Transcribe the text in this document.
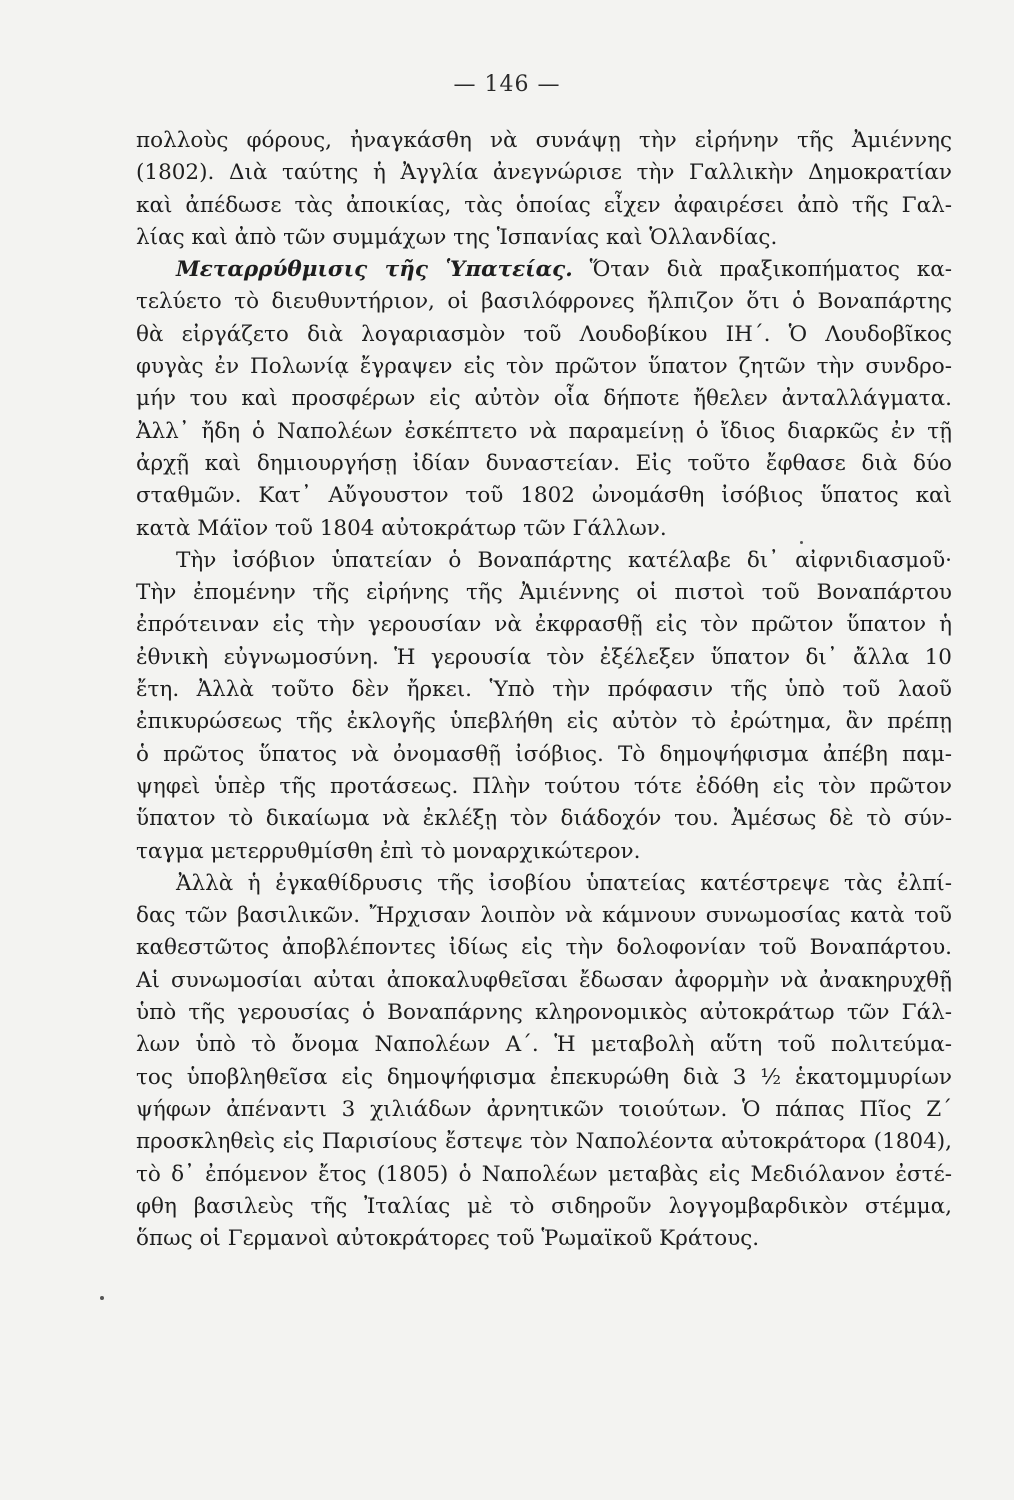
— 146 —
πολλοὺς φόρους, ἠναγκάσθη νὰ συνάψῃ τὴν εἰρήνην τῆς Ἀμιέννης
(1802). Διὰ ταύτης ἡ Ἀγγλία ἀνεγνώρισε τὴν Γαλλικὴν Δημοκρατίαν
καὶ ἀπέδωσε τὰς ἀποικίας, τὰς ὁποίας εἶχεν ἀφαιρέσει ἀπὸ τῆς Γαλ-
λίας καὶ ἀπὸ τῶν συμμάχων της Ἱσπανίας καὶ Ὁλλανδίας.
Μεταρρύθμισις τῆς Ὑπατείας. Ὅταν διὰ πραξικοπήματος κα-
τελύετο τὸ διευθυντήριον, οἱ βασιλόφρονες ἤλπιζον ὅτι ὁ Βοναπάρτης
θὰ εἰργάζετο διὰ λογαριασμὸν τοῦ Λουδοβίκου ΙΗ΄. Ὁ Λουδοβῖκος
φυγὰς ἐν Πολωνίᾳ ἔγραψεν εἰς τὸν πρῶτον ὕπατον ζητῶν τὴν συνδρο-
μήν του καὶ προσφέρων εἰς αὐτὸν οἷα δήποτε ἤθελεν ἀνταλλάγματα.
Ἀλλ᾽ ἤδη ὁ Ναπολέων ἐσκέπτετο νὰ παραμείνῃ ὁ ἴδιος διαρκῶς ἐν τῇ
ἀρχῇ καὶ δημιουργήσῃ ἰδίαν δυναστείαν. Εἰς τοῦτο ἔφθασε διὰ δύο
σταθμῶν. Κατ᾽ Αὔγουστον τοῦ 1802 ὠνομάσθη ἰσόβιος ὕπατος καὶ
κατὰ Μάϊον τοῦ 1804 αὐτοκράτωρ τῶν Γάλλων.
Τὴν ἰσόβιον ὑπατείαν ὁ Βοναπάρτης κατέλαβε δι᾽ αἰφνιδιασμοῦ·
Τὴν ἐπομένην τῆς εἰρήνης τῆς Ἀμιέννης οἱ πιστοὶ τοῦ Βοναπάρτου
ἐπρότειναν εἰς τὴν γερουσίαν νὰ ἐκφρασθῇ εἰς τὸν πρῶτον ὕπατον ἡ
ἐθνικὴ εὐγνωμοσύνη. Ἡ γερουσία τὸν ἐξέλεξεν ὕπατον δι᾽ ἄλλα 10
ἔτη. Ἀλλὰ τοῦτο δὲν ἤρκει. Ὑπὸ τὴν πρόφασιν τῆς ὑπὸ τοῦ λαοῦ
ἐπικυρώσεως τῆς ἐκλογῆς ὑπεβλήθη εἰς αὐτὸν τὸ ἐρώτημα, ἂν πρέπῃ
ὁ πρῶτος ὕπατος νὰ ὀνομασθῇ ἰσόβιος. Τὸ δημοψήφισμα ἀπέβη παμ-
ψηφεὶ ὑπὲρ τῆς προτάσεως. Πλὴν τούτου τότε ἐδόθη εἰς τὸν πρῶτον
ὕπατον τὸ δικαίωμα νὰ ἐκλέξῃ τὸν διάδοχόν του. Ἀμέσως δὲ τὸ σύν-
ταγμα μετερρυθμίσθη ἐπὶ τὸ μοναρχικώτερον.
Ἀλλὰ ἡ ἐγκαθίδρυσις τῆς ἰσοβίου ὑπατείας κατέστρεψε τὰς ἐλπί-
δας τῶν βασιλικῶν. Ἤρχισαν λοιπὸν νὰ κάμνουν συνωμοσίας κατὰ τοῦ
καθεστῶτος ἀποβλέποντες ἰδίως εἰς τὴν δολοφονίαν τοῦ Βοναπάρτου.
Αἱ συνωμοσίαι αὐται ἀποκαλυφθεῖσαι ἔδωσαν ἀφορμὴν νὰ ἀνακηρυχθῇ
ὑπὸ τῆς γερουσίας ὁ Βοναπάρνης κληρονομικὸς αὐτοκράτωρ τῶν Γάλ-
λων ὑπὸ τὸ ὄνομα Ναπολέων Α΄. Ἡ μεταβολὴ αὕτη τοῦ πολιτεύμα-
τος ὑποβληθεῖσα εἰς δημοψήφισμα ἐπεκυρώθη διὰ 3 ½ ἑκατομμυρίων
ψήφων ἀπέναντι 3 χιλιάδων ἀρνητικῶν τοιούτων. Ὁ πάπας Πῖος Ζ΄
προσκληθεὶς εἰς Παρισίους ἔστεψε τὸν Ναπολέοντα αὐτοκράτορα (1804),
τὸ δ᾽ ἐπόμενον ἔτος (1805) ὁ Ναπολέων μεταβὰς εἰς Μεδιόλανον ἐστέ-
φθη βασιλεὺς τῆς Ἰταλίας μὲ τὸ σιδηροῦν λογγομβαρδικὸν στέμμα,
ὅπως οἱ Γερμανοὶ αὐτοκράτορες τοῦ Ῥωμαϊκοῦ Κράτους.
